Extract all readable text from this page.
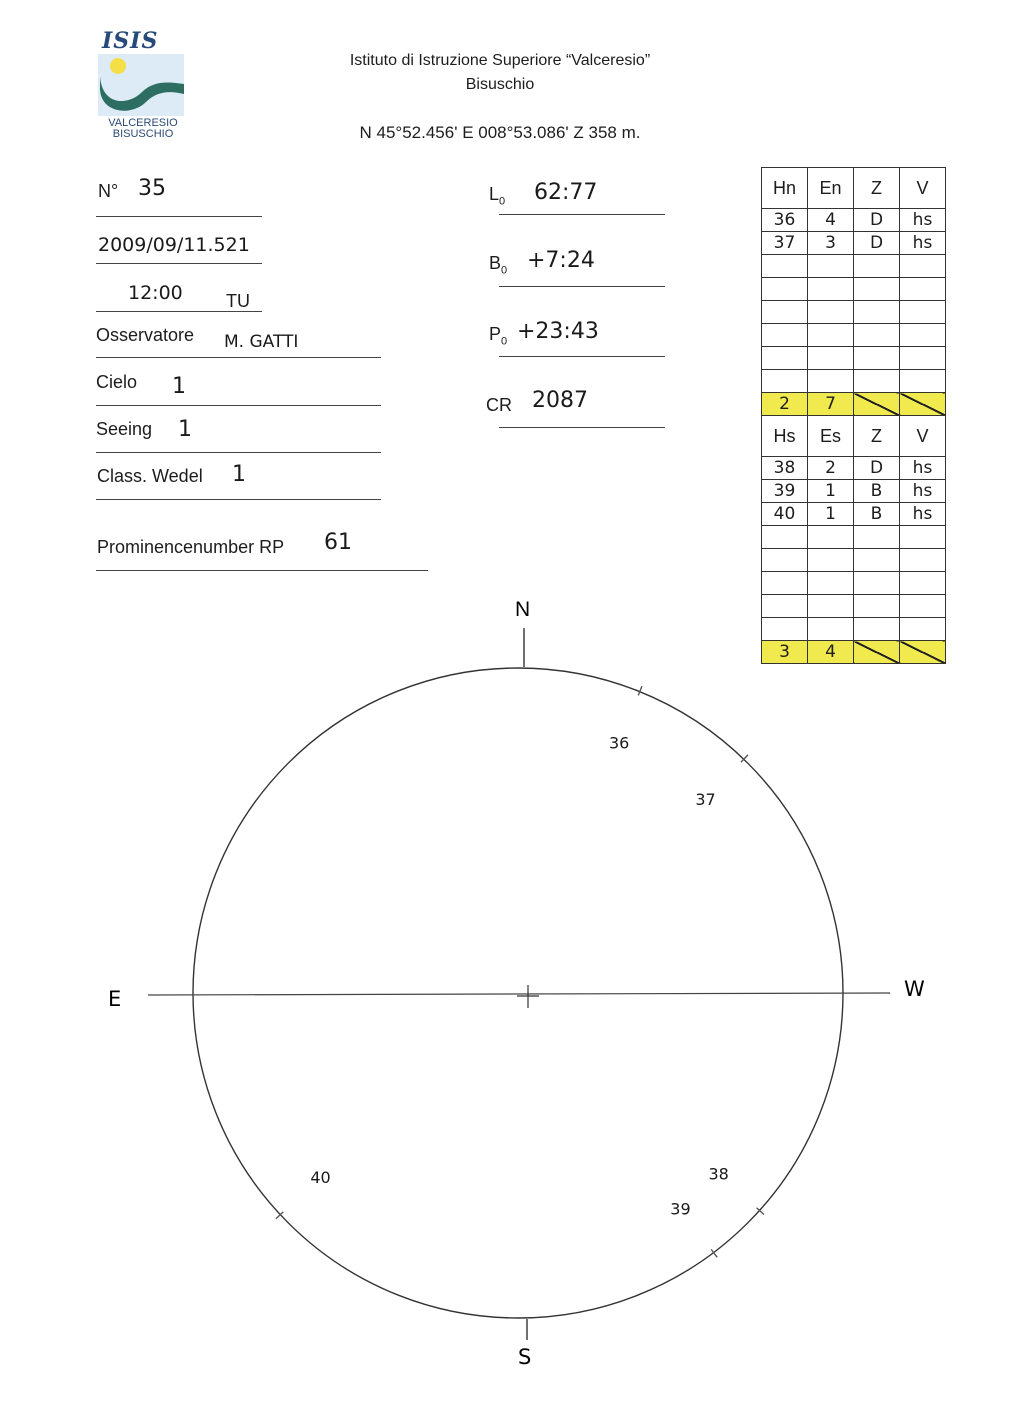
ISIS
VALCERESIO
BISUSCHIO
Istituto di Istruzione Superiore “Valceresio”
Bisuschio
N 45°52.456' E 008°53.086' Z 358 m.
N° 35
2009/09/11.521
12:00 TU
Osservatore M. GATTI
Cielo 1
Seeing 1
Class. Wedel 1
Prominencenumber RP 61
$L_0$ 62:77
$B_0$ +7:24
$P_0$ +23:43
CR 2087
Hn	En	Z	V
36	4	D	hs
37	3	D	hs

2	7		
Hs	Es	Z	V
38	2	D	hs
39	1	B	hs
40	1	B	hs

3	4		
N
S
E	W
36
37
38
39
40
